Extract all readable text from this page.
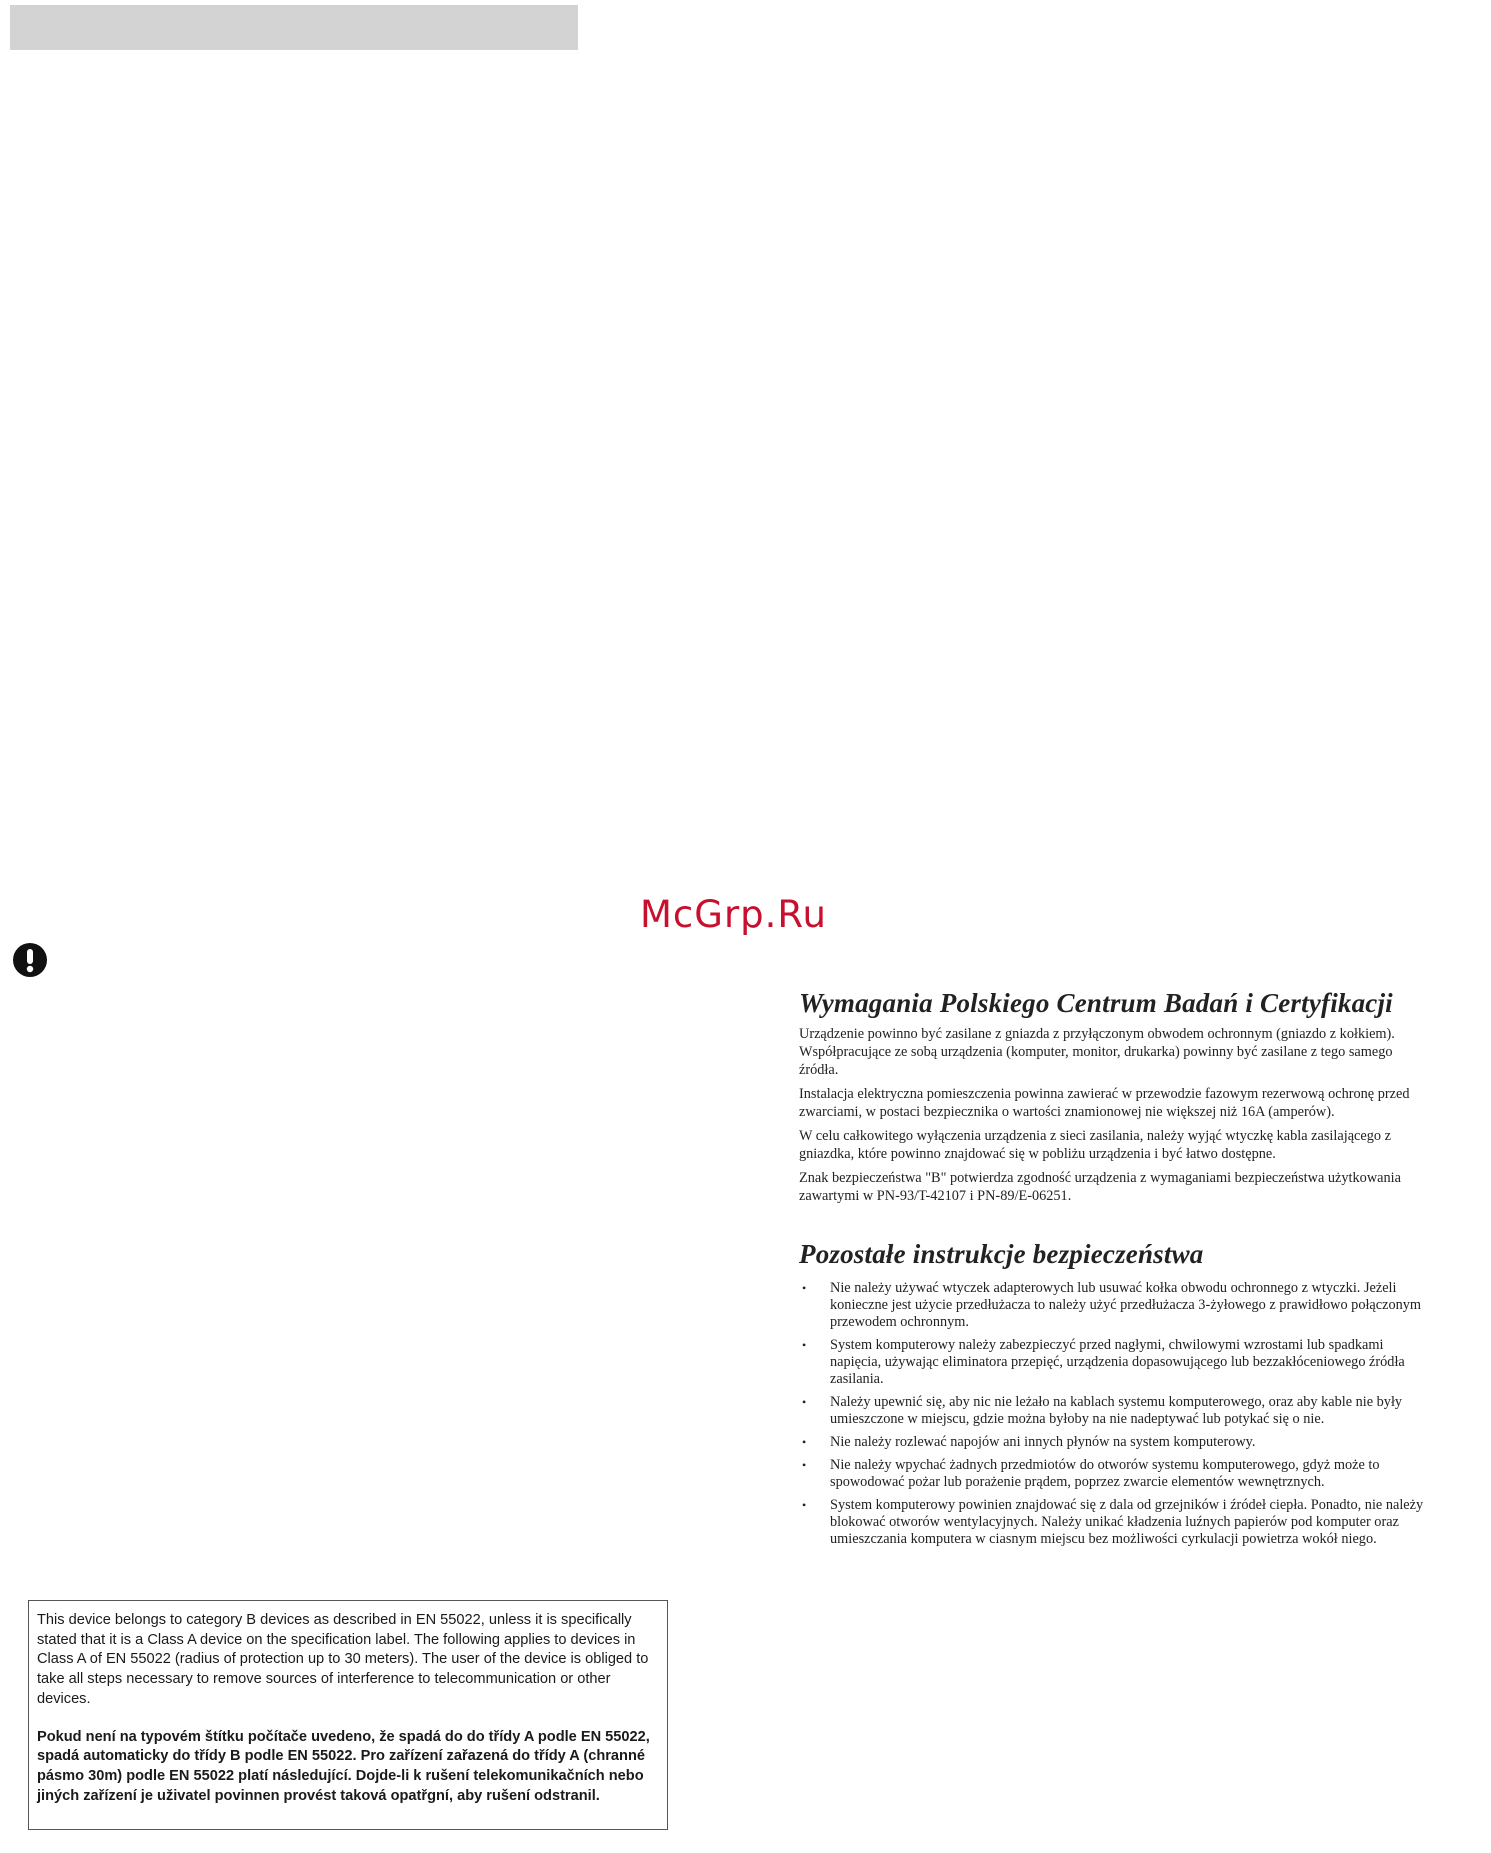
McGrp.Ru
Wymagania Polskiego Centrum Badań i Certyfikacji

Urządzenie powinno być zasilane z gniazda z przyłączonym obwodem ochronnym (gniazdo z kołkiem). Współpracujące ze sobą urządzenia (komputer, monitor, drukarka) powinny być zasilane z tego samego źródła.

Instalacja elektryczna pomieszczenia powinna zawierać w przewodzie fazowym rezerwową ochronę przed zwarciami, w postaci bezpiecznika o wartości znamionowej nie większej niż 16A (amperów).

W celu całkowitego wyłączenia urządzenia z sieci zasilania, należy wyjąć wtyczkę kabla zasilającego z gniazdka, które powinno znajdować się w pobliżu urządzenia i być łatwo dostępne.

Znak bezpieczeństwa "B" potwierdza zgodność urządzenia z wymaganiami bezpieczeństwa użytkowania zawartymi w PN-93/T-42107 i PN-89/E-06251.

Pozostałe instrukcje bezpieczeństwa
• Nie należy używać wtyczek adapterowych lub usuwać kołka obwodu ochronnego z wtyczki. Jeżeli konieczne jest użycie przedłużacza to należy użyć przedłużacza 3-żyłowego z prawidłowo połączonym przewodem ochronnym.
• System komputerowy należy zabezpieczyć przed nagłymi, chwilowymi wzrostami lub spadkami napięcia, używając eliminatora przepięć, urządzenia dopasowującego lub bezzakłóceniowego źródła zasilania.
• Należy upewnić się, aby nic nie leżało na kablach systemu komputerowego, oraz aby kable nie były umieszczone w miejscu, gdzie można byłoby na nie nadeptywać lub potykać się o nie.
• Nie należy rozlewać napojów ani innych płynów na system komputerowy.
• Nie należy wpychać żadnych przedmiotów do otworów systemu komputerowego, gdyż może to spowodować pożar lub porażenie prądem, poprzez zwarcie elementów wewnętrznych.
• System komputerowy powinien znajdować się z dala od grzejników i źródeł ciepła. Ponadto, nie należy blokować otworów wentylacyjnych. Należy unikać kładzenia luźnych papierów pod komputer oraz umieszczania komputera w ciasnym miejscu bez możliwości cyrkulacji powietrza wokół niego.

This device belongs to category B devices as described in EN 55022, unless it is specifically stated that it is a Class A device on the specification label. The following applies to devices in Class A of EN 55022 (radius of protection up to 30 meters). The user of the device is obliged to take all steps necessary to remove sources of interference to telecommunication or other devices.

Pokud není na typovém štítku počítače uvedeno, že spadá do do třídy A podle EN 55022, spadá automaticky do třídy B podle EN 55022. Pro zařízení zařazená do třídy A (chranné pásmo 30m) podle EN 55022 platí následující. Dojde-li k rušení telekomunikačních nebo jiných zařízení je uživatel povinnen provést taková opatřgní, aby rušení odstranil.
